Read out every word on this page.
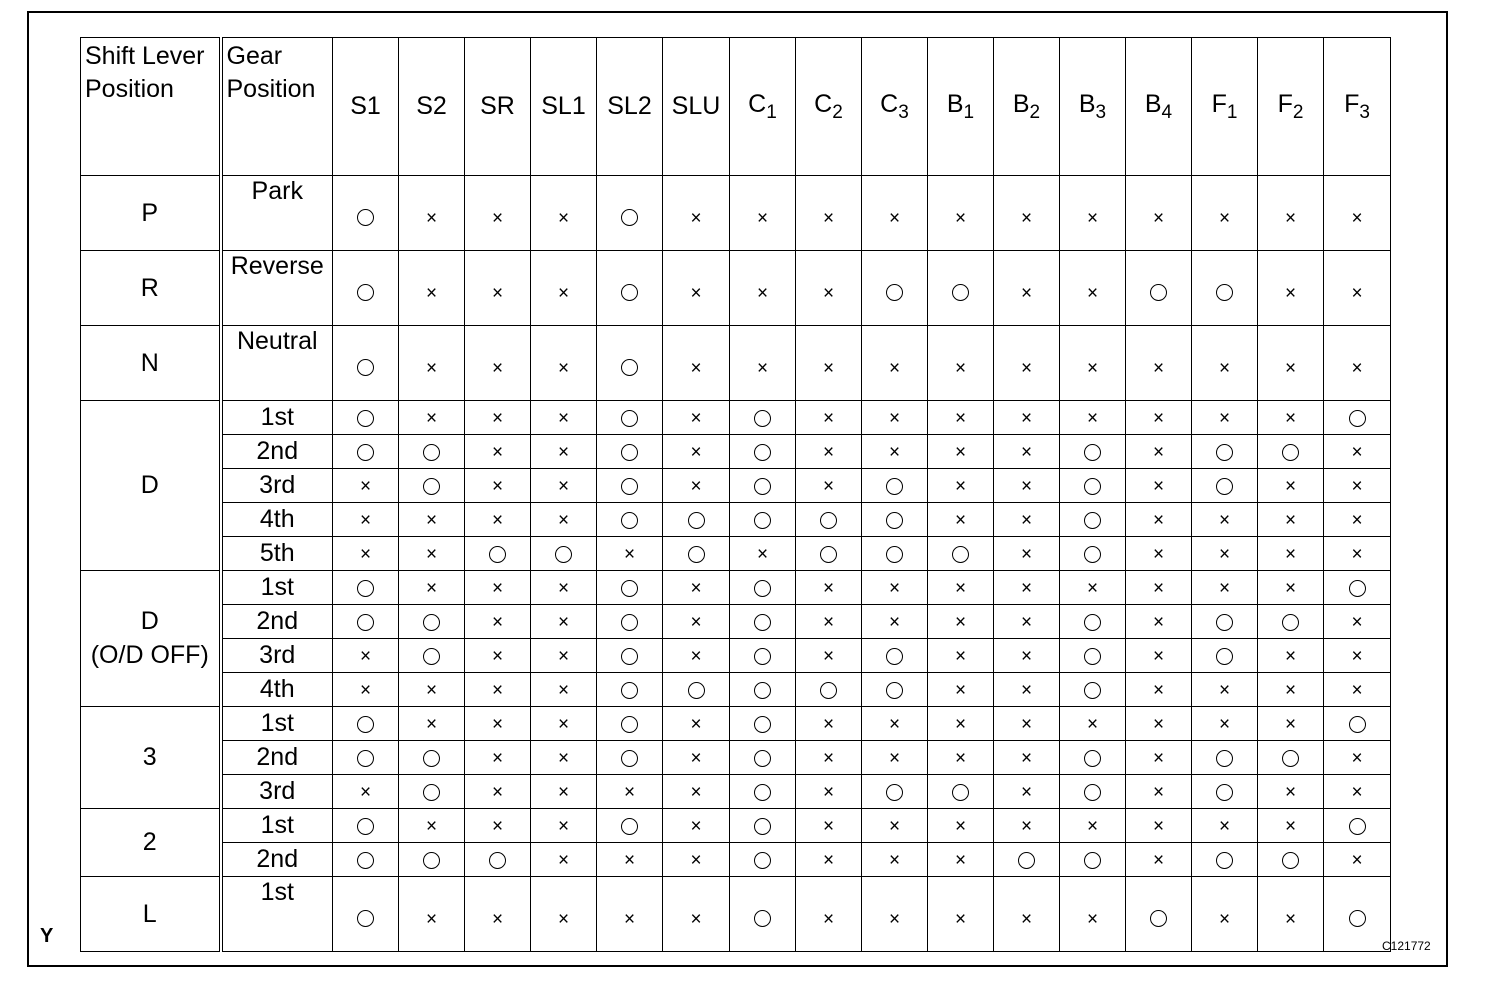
Shift Lever
Position	Gear
Position	S1	S2	SR	SL1	SL2	SLU	$C_1$	$C_2$	$C_3$	$B_1$	$B_2$	$B_3$	$B_4$	$F_1$	$F_2$	$F_3$
P	Park		×	×	×		×	×	×	×	×	×	×	×	×	×	×
R	Reverse		×	×	×		×	×	×			×	×			×	×
N	Neutral		×	×	×		×	×	×	×	×	×	×	×	×	×	×
D	1st		×	×	×		×		×	×	×	×	×	×	×	×	
	2nd			×	×		×		×	×	×	×		×			×
	3rd	×		×	×		×		×		×	×		×		×	×
	4th	×	×	×	×						×	×		×	×	×	×
	5th	×	×			×		×				×		×	×	×	×
D
(O/D OFF)	1st		×	×	×		×		×	×	×	×	×	×	×	×	
	2nd			×	×		×		×	×	×	×		×			×
	3rd	×		×	×		×		×		×	×		×		×	×
	4th	×	×	×	×						×	×		×	×	×	×
3	1st		×	×	×		×		×	×	×	×	×	×	×	×	
	2nd			×	×		×		×	×	×	×		×			×
	3rd	×		×	×	×	×		×			×		×		×	×
2	1st		×	×	×		×		×	×	×	×	×	×	×	×	
	2nd				×	×	×		×	×	×			×			×
L	1st		×	×	×	×	×		×	×	×	×	×		×	×	
Y	C121772
